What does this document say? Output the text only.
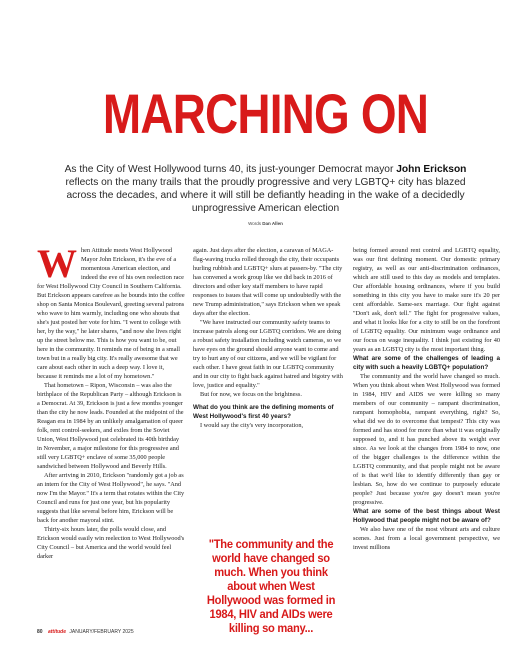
MARCHING ON
As the City of West Hollywood turns 40, its just-younger Democrat mayor John Erickson reflects on the many trails that the proudly progressive and very LGBTQ+ city has blazed across the decades, and where it will still be defiantly heading in the wake of a decidedly unprogressive American election
Words Dan Allen
W hen Attitude meets West Hollywood Mayor John Erickson, it's the eve of a momentous American election, and indeed the eve of his own reelection race for West Hollywood City Council in Southern California. But Erickson appears carefree as he bounds into the coffee shop on Santa Monica Boulevard, greeting several patrons who wave to him warmly, including one who shouts that she's just posted her vote for him. "I went to college with her, by the way," he later shares, "and now she lives right up the street below me. This is how you want to be, out here in the community. It reminds me of being in a small town but in a really big city. It's really awesome that we care about each other in such a deep way. I love it, because it reminds me a lot of my hometown."

That hometown – Ripon, Wisconsin – was also the birthplace of the Republican Party – although Erickson is a Democrat. At 39, Erickson is just a few months younger than the city he now leads. Founded at the midpoint of the Reagan era in 1984 by an unlikely amalgamation of queer folk, rent control-seekers, and exiles from the Soviet Union, West Hollywood just celebrated its 40th birthday in November, a major milestone for this progressive and still very LGBTQ+ enclave of some 35,000 people sandwiched between Hollywood and Beverly Hills.

After arriving in 2010, Erickson "randomly got a job as an intern for the City of West Hollywood", he says. "And now I'm the Mayor." It's a term that rotates within the City Council and runs for just one year, but his popularity suggests that like several before him, Erickson will be back for another mayoral stint.

Thirty-six hours later, the polls would close, and Erickson would easily win reelection to West Hollywood's City Council – but America and the world would feel darker

again. Just days after the election, a caravan of MAGA-flag-waving trucks rolled through the city, their occupants hurling rubbish and LGBTQ+ slurs at passers-by. "The city has convened a work group like we did back in 2016 of directors and other key staff members to have rapid responses to issues that will come up undoubtedly with the new Trump administration," says Erickson when we speak days after the election.

"We have instructed our community safety teams to increase patrols along our LGBTQ corridors. We are doing a robust safety installation including watch cameras, so we have eyes on the ground should anyone want to come and try to hurt any of our citizens, and we will be vigilant for each other. I have great faith in our LGBTQ community and in our city to fight back against hatred and bigotry with love, justice and equality."

But for now, we focus on the brightness.

What do you think are the defining moments of West Hollywood's first 40 years?

I would say the city's very incorporation,

"The community and the world have changed so much. When you think about when West Hollywood was formed in 1984, HIV and AIDs were killing so many...

being formed around rent control and LGBTQ equality, was our first defining moment. Our domestic primary registry, as well as our anti-discrimination ordinances, which are still used to this day as models and templates. Our affordable housing ordinances, where if you build something in this city you have to make sure it's 20 per cent affordable. Same-sex marriage. Our fight against "Don't ask, don't tell." The fight for progressive values, and what it looks like for a city to still be on the forefront of LGBTQ equality. Our minimum wage ordinance and our focus on wage inequality. I think just existing for 40 years as an LGBTQ city is the most important thing.

What are some of the challenges of leading a city with such a heavily LGBTQ+ population?

The community and the world have changed so much. When you think about when West Hollywood was formed in 1984, HIV and AIDS we were killing so many members of our community – rampant discrimination, rampant homophobia, rampant everything, right? So, what did we do to overcome that tempest? This city was formed and has stood for more than what it was originally supposed to, and it has punched above its weight ever since. As we look at the changes from 1984 to now, one of the bigger challenges is the difference within the LGBTQ community, and that people might not be aware of is that we'd like to identify differently than gay or lesbian. So, how do we continue to purposely educate people? Just because you're gay doesn't mean you're progressive.

What are some of the best things about West Hollywood that people might not be aware of?

We also have one of the most vibrant arts and culture scenes. Just from a local government perspective, we invest millions

80 attitude JANUARY/FEBRUARY 2025
